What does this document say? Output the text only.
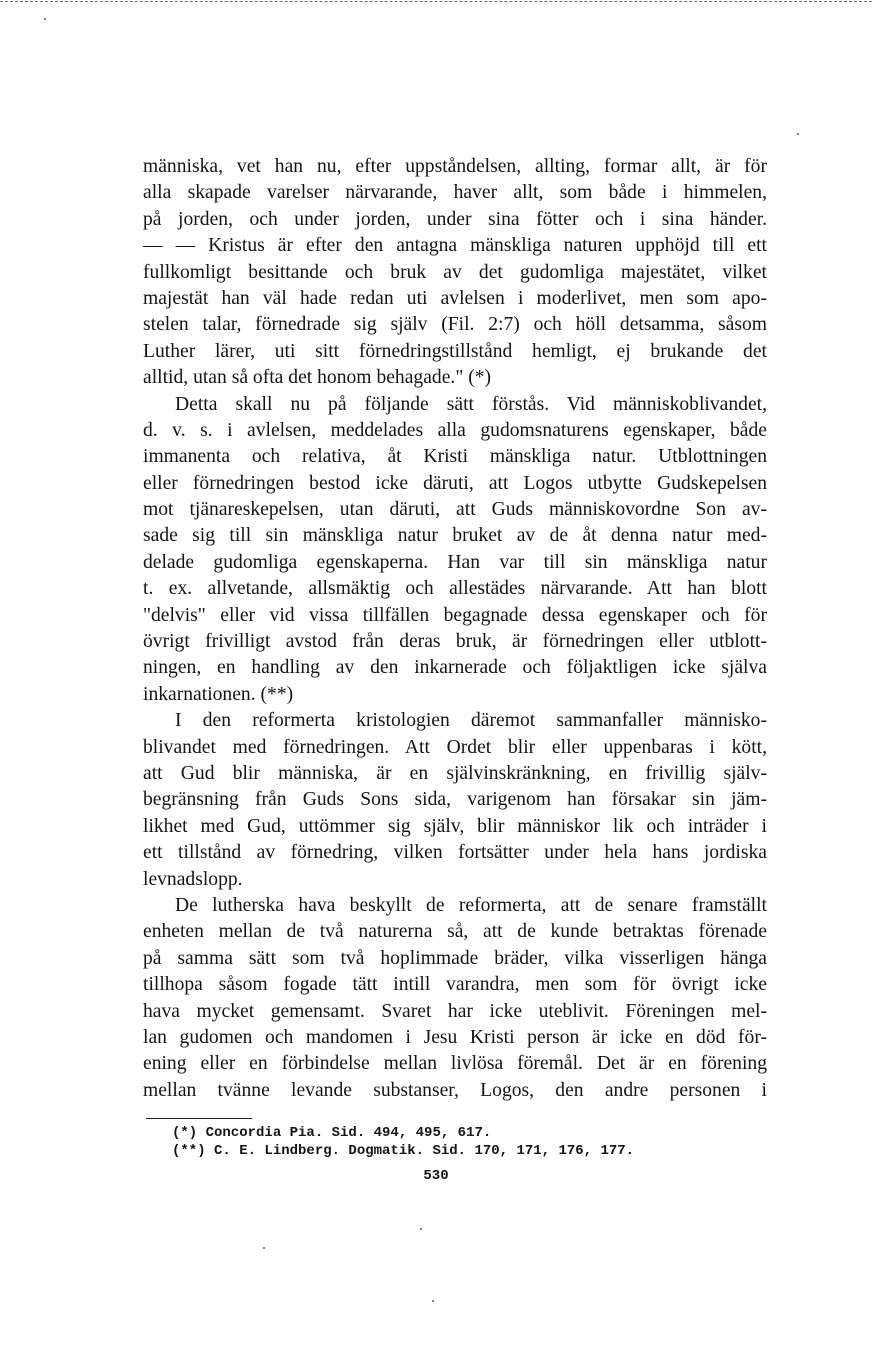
människa, vet han nu, efter uppståndelsen, allting, formar allt, är för
alla skapade varelser närvarande, haver allt, som både i himmelen,
på jorden, och under jorden, under sina fötter och i sina händer.
— — Kristus är efter den antagna mänskliga naturen upphöjd till ett
fullkomligt besittande och bruk av det gudomliga majestätet, vilket
majestät han väl hade redan uti avlelsen i moderlivet, men som apo-
stelen talar, förnedrade sig själv (Fil. 2:7) och höll detsamma, såsom
Luther lärer, uti sitt förnedringstillstånd hemligt, ej brukande det
alltid, utan så ofta det honom behagade." (*)
Detta skall nu på följande sätt förstås. Vid människoblivandet,
d. v. s. i avlelsen, meddelades alla gudomsnaturens egenskaper, både
immanenta och relativa, åt Kristi mänskliga natur. Utblottningen
eller förnedringen bestod icke däruti, att Logos utbytte Gudskepelsen
mot tjänareskepelsen, utan däruti, att Guds människovordne Son av-
sade sig till sin mänskliga natur bruket av de åt denna natur med-
delade gudomliga egenskaperna. Han var till sin mänskliga natur
t. ex. allvetande, allsmäktig och allestädes närvarande. Att han blott
"delvis" eller vid vissa tillfällen begagnade dessa egenskaper och för
övrigt frivilligt avstod från deras bruk, är förnedringen eller utblott-
ningen, en handling av den inkarnerade och följaktligen icke själva
inkarnationen. (**)
I den reformerta kristologien däremot sammanfaller människo-
blivandet med förnedringen. Att Ordet blir eller uppenbaras i kött,
att Gud blir människa, är en självinskränkning, en frivillig själv-
begränsning från Guds Sons sida, varigenom han försakar sin jäm-
likhet med Gud, uttömmer sig själv, blir människor lik och inträder i
ett tillstånd av förnedring, vilken fortsätter under hela hans jordiska
levnadslopp.
De lutherska hava beskyllt de reformerta, att de senare framställt
enheten mellan de två naturerna så, att de kunde betraktas förenade
på samma sätt som två hoplimmade bräder, vilka visserligen hänga
tillhopa såsom fogade tätt intill varandra, men som för övrigt icke
hava mycket gemensamt. Svaret har icke uteblivit. Föreningen mel-
lan gudomen och mandomen i Jesu Kristi person är icke en död för-
ening eller en förbindelse mellan livlösa föremål. Det är en förening
mellan tvänne levande substanser, Logos, den andre personen i
(*) Concordia Pia. Sid. 494, 495, 617.
(**) C. E. Lindberg. Dogmatik. Sid. 170, 171, 176, 177.
530
